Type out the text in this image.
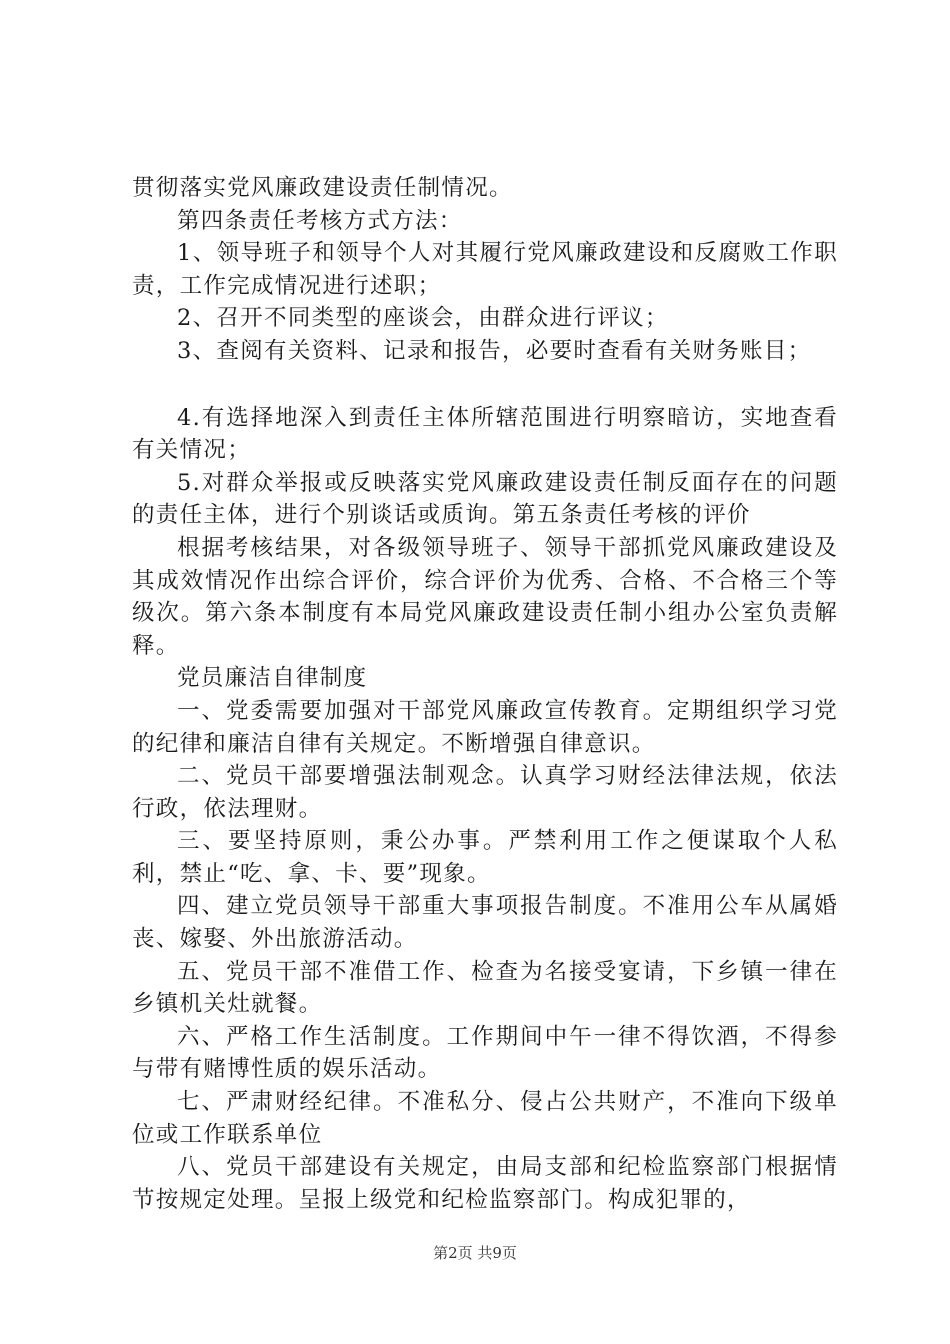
贯彻落实党风廉政建设责任制情况。

第四条责任考核方式方法：

1、领导班子和领导个人对其履行党风廉政建设和反腐败工作职责，工作完成情况进行述职；

2、召开不同类型的座谈会，由群众进行评议；

3、查阅有关资料、记录和报告，必要时查看有关财务账目；

4.有选择地深入到责任主体所辖范围进行明察暗访，实地查看有关情况；

5.对群众举报或反映落实党风廉政建设责任制反面存在的问题的责任主体，进行个别谈话或质询。第五条责任考核的评价

根据考核结果，对各级领导班子、领导干部抓党风廉政建设及其成效情况作出综合评价，综合评价为优秀、合格、不合格三个等级次。第六条本制度有本局党风廉政建设责任制小组办公室负责解释。

党员廉洁自律制度

一、党委需要加强对干部党风廉政宣传教育。定期组织学习党的纪律和廉洁自律有关规定。不断增强自律意识。

二、党员干部要增强法制观念。认真学习财经法律法规，依法行政，依法理财。

三、要坚持原则，秉公办事。严禁利用工作之便谋取个人私利，禁止“吃、拿、卡、要”现象。

四、建立党员领导干部重大事项报告制度。不准用公车从属婚丧、嫁娶、外出旅游活动。

五、党员干部不准借工作、检查为名接受宴请，下乡镇一律在乡镇机关灶就餐。

六、严格工作生活制度。工作期间中午一律不得饮酒，不得参与带有赌博性质的娱乐活动。

七、严肃财经纪律。不准私分、侵占公共财产，不准向下级单位或工作联系单位

八、党员干部建设有关规定，由局支部和纪检监察部门根据情节按规定处理。呈报上级党和纪检监察部门。构成犯罪的，

第2页 共9页
